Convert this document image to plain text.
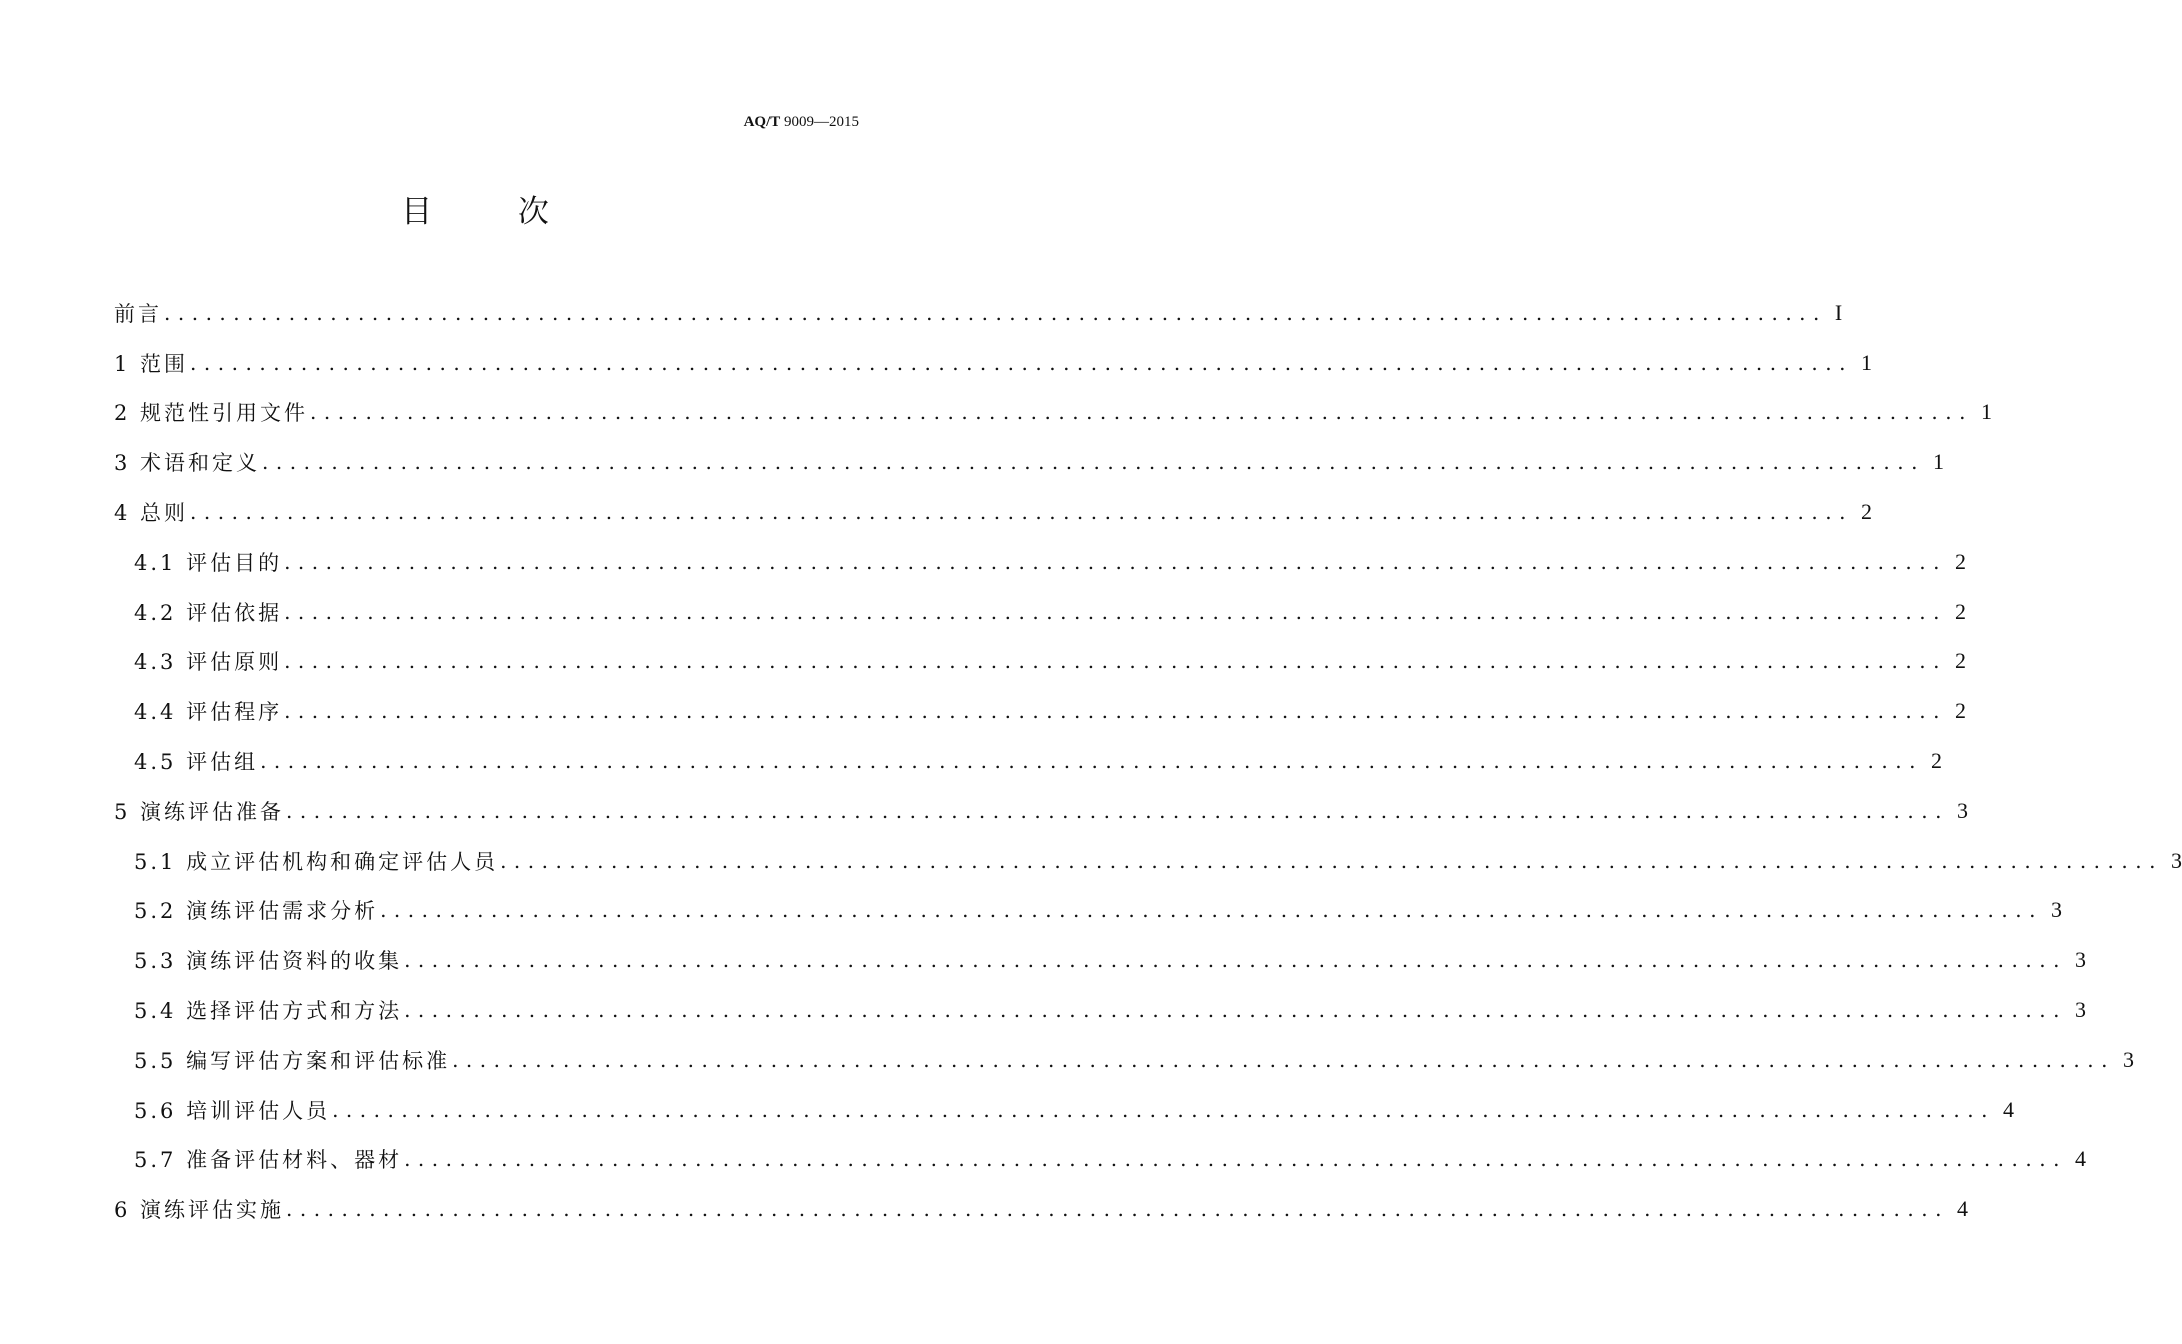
AQ/T 9009—2015
目 次
前言 ........................................................................................................................ I
1 范围 ........................................................................................................................ 1
2 规范性引用文件 ........................................................................................................................ 1
3 术语和定义 ........................................................................................................................ 1
4 总则 ........................................................................................................................ 2
4.1 评估目的 ........................................................................................................................ 2
4.2 评估依据 ........................................................................................................................ 2
4.3 评估原则 ........................................................................................................................ 2
4.4 评估程序 ........................................................................................................................ 2
4.5 评估组 ........................................................................................................................ 2
5 演练评估准备 ........................................................................................................................ 3
5.1 成立评估机构和确定评估人员 ........................................................................................................................ 3
5.2 演练评估需求分析 ........................................................................................................................ 3
5.3 演练评估资料的收集 ........................................................................................................................ 3
5.4 选择评估方式和方法 ........................................................................................................................ 3
5.5 编写评估方案和评估标准 ........................................................................................................................ 3
5.6 培训评估人员 ........................................................................................................................ 4
5.7 准备评估材料、器材 ........................................................................................................................ 4
6 演练评估实施 ........................................................................................................................ 4
